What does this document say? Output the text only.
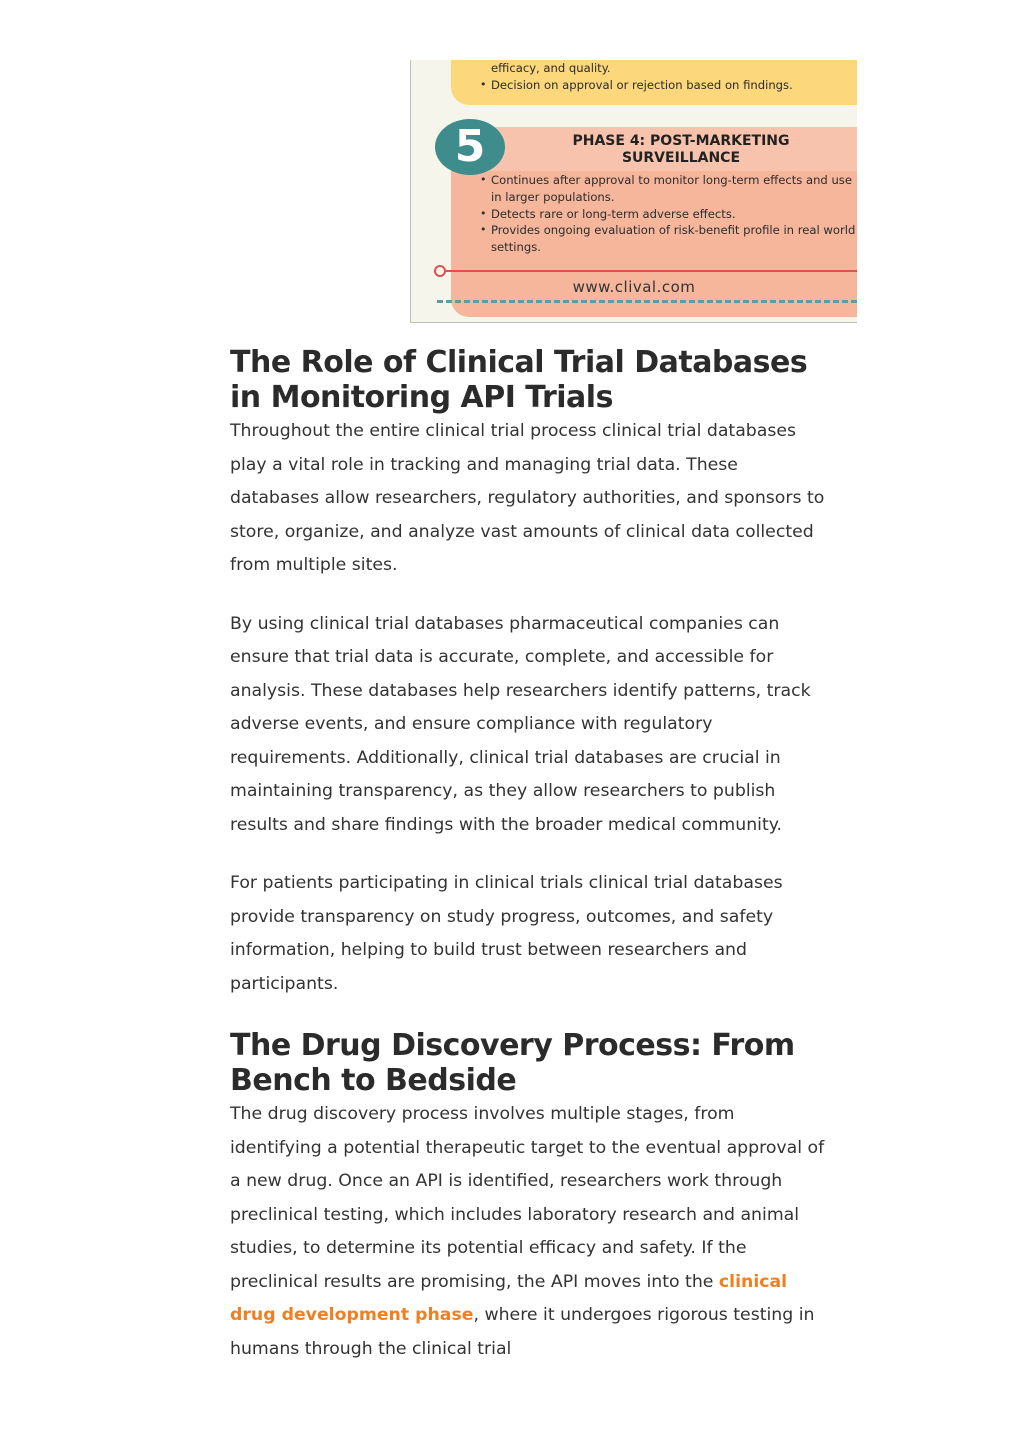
efficacy, and quality.
• Decision on approval or rejection based on findings.
PHASE 4: POST-MARKETING
SURVEILLANCE
• Continues after approval to monitor long-term effects and use in larger populations.
• Detects rare or long-term adverse effects.
• Provides ongoing evaluation of risk-benefit profile in real world settings.
5
www.clival.com
The Role of Clinical Trial Databases in Monitoring API Trials

Throughout the entire clinical trial process clinical trial databases play a vital role in tracking and managing trial data. These databases allow researchers, regulatory authorities, and sponsors to store, organize, and analyze vast amounts of clinical data collected from multiple sites.

By using clinical trial databases pharmaceutical companies can ensure that trial data is accurate, complete, and accessible for analysis. These databases help researchers identify patterns, track adverse events, and ensure compliance with regulatory requirements. Additionally, clinical trial databases are crucial in maintaining transparency, as they allow researchers to publish results and share findings with the broader medical community.

For patients participating in clinical trials clinical trial databases provide transparency on study progress, outcomes, and safety information, helping to build trust between researchers and participants.

The Drug Discovery Process: From Bench to Bedside

The drug discovery process involves multiple stages, from identifying a potential therapeutic target to the eventual approval of a new drug. Once an API is identified, researchers work through preclinical testing, which includes laboratory research and animal studies, to determine its potential efficacy and safety. If the preclinical results are promising, the API moves into the clinical drug development phase, where it undergoes rigorous testing in humans through the clinical trial
